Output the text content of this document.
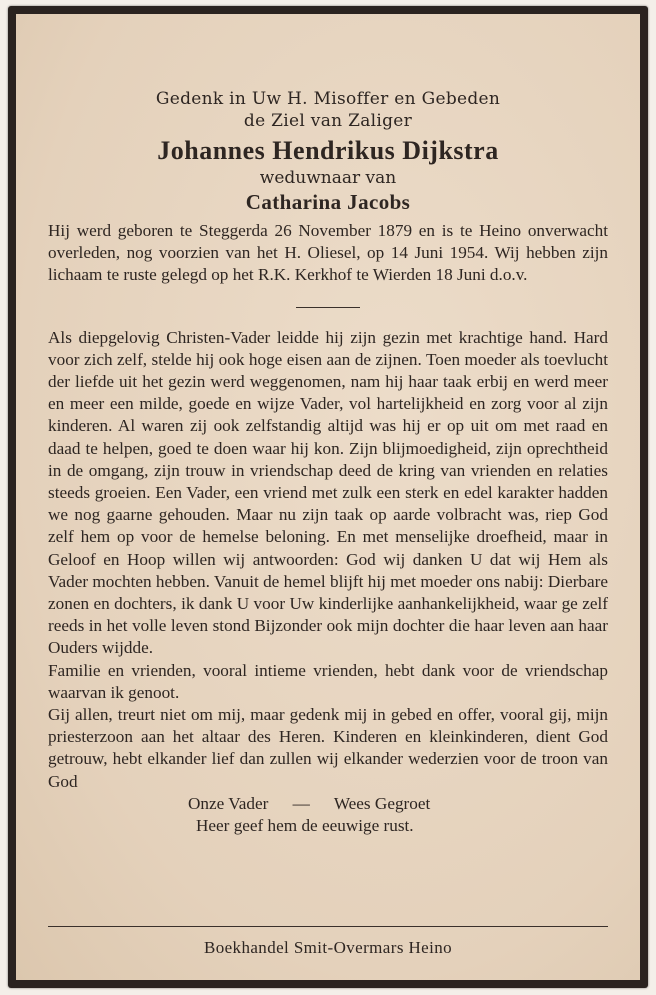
Gedenk in Uw H. Misoffer en Gebeden
de Ziel van Zaliger
Johannes Hendrikus Dijkstra
weduwnaar van
Catharina Jacobs

Hij werd geboren te Steggerda 26 November 1879 en is te Heino onverwacht overleden, nog voorzien van het H. Oliesel, op 14 Juni 1954. Wij hebben zijn lichaam te ruste gelegd op het R.K. Kerkhof te Wierden 18 Juni d.o.v.

Als diepgelovig Christen-Vader leidde hij zijn gezin met krachtige hand. Hard voor zich zelf, stelde hij ook hoge eisen aan de zijnen. Toen moeder als toevlucht der liefde uit het gezin werd weggenomen, nam hij haar taak erbij en werd meer en meer een milde, goede en wijze Vader, vol hartelijkheid en zorg voor al zijn kinderen. Al waren zij ook zelfstandig altijd was hij er op uit om met raad en daad te helpen, goed te doen waar hij kon. Zijn blijmoedigheid, zijn oprechtheid in de omgang, zijn trouw in vriendschap deed de kring van vrienden en relaties steeds groeien. Een Vader, een vriend met zulk een sterk en edel karakter hadden we nog gaarne gehouden. Maar nu zijn taak op aarde volbracht was, riep God zelf hem op voor de hemelse beloning. En met menselijke droefheid, maar in Geloof en Hoop willen wij antwoorden: God wij danken U dat wij Hem als Vader mochten hebben. Vanuit de hemel blijft hij met moeder ons nabij: Dierbare zonen en dochters, ik dank U voor Uw kinderlijke aanhankelijkheid, waar ge zelf reeds in het volle leven stond Bijzonder ook mijn dochter die haar leven aan haar Ouders wijdde.

Familie en vrienden, vooral intieme vrienden, hebt dank voor de vriendschap waarvan ik genoot.

Gij allen, treurt niet om mij, maar gedenk mij in gebed en offer, vooral gij, mijn priesterzoon aan het altaar des Heren. Kinderen en kleinkinderen, dient God getrouw, hebt elkander lief dan zullen wij elkander wederzien voor de troon van God

Onze Vader — Wees Gegroet
Heer geef hem de eeuwige rust.
Boekhandel Smit-Overmars Heino
